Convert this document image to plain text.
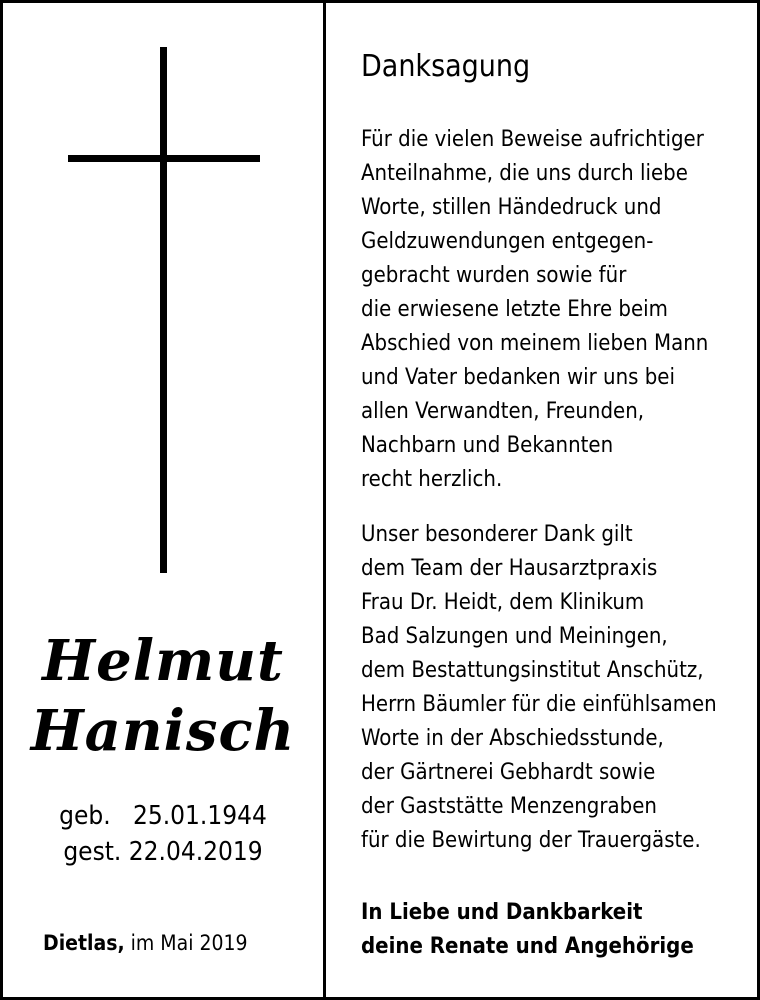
Helmut
Hanisch
geb.   25.01.1944
gest. 22.04.2019
Dietlas, im Mai 2019
Danksagung
Für die vielen Beweise aufrichtiger
Anteilnahme, die uns durch liebe
Worte, stillen Händedruck und
Geldzuwendungen entgegen-
gebracht wurden sowie für
die erwiesene letzte Ehre beim
Abschied von meinem lieben Mann
und Vater bedanken wir uns bei
allen Verwandten, Freunden,
Nachbarn und Bekannten
recht herzlich.
Unser besonderer Dank gilt
dem Team der Hausarztpraxis
Frau Dr. Heidt, dem Klinikum
Bad Salzungen und Meiningen,
dem Bestattungsinstitut Anschütz,
Herrn Bäumler für die einfühlsamen
Worte in der Abschiedsstunde,
der Gärtnerei Gebhardt sowie
der Gaststätte Menzengraben
für die Bewirtung der Trauergäste.
In Liebe und Dankbarkeit
deine Renate und Angehörige
